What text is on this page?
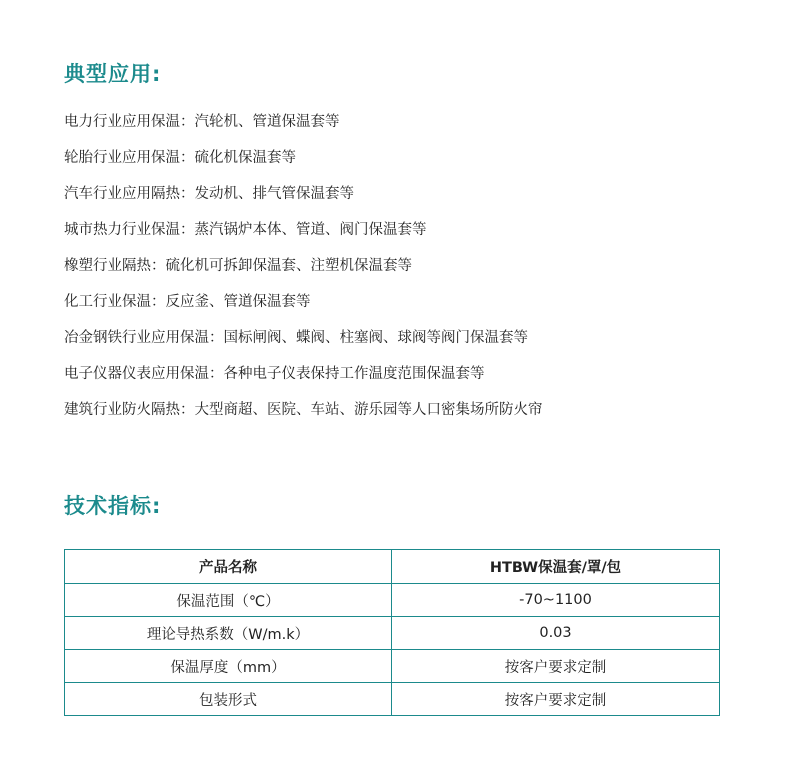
典型应用:
电力行业应用保温：汽轮机、管道保温套等
轮胎行业应用保温：硫化机保温套等
汽车行业应用隔热：发动机、排气管保温套等
城市热力行业保温：蒸汽锅炉本体、管道、阀门保温套等
橡塑行业隔热：硫化机可拆卸保温套、注塑机保温套等
化工行业保温：反应釜、管道保温套等
冶金钢铁行业应用保温：国标闸阀、蝶阀、柱塞阀、球阀等阀门保温套等
电子仪器仪表应用保温：各种电子仪表保持工作温度范围保温套等
建筑行业防火隔热：大型商超、医院、车站、游乐园等人口密集场所防火帘
技术指标:
产品名称	HTBW保温套/罩/包
保温范围（℃）	-70~1100
理论导热系数（W/m.k）	0.03
保温厚度（mm）	按客户要求定制
包装形式	按客户要求定制
